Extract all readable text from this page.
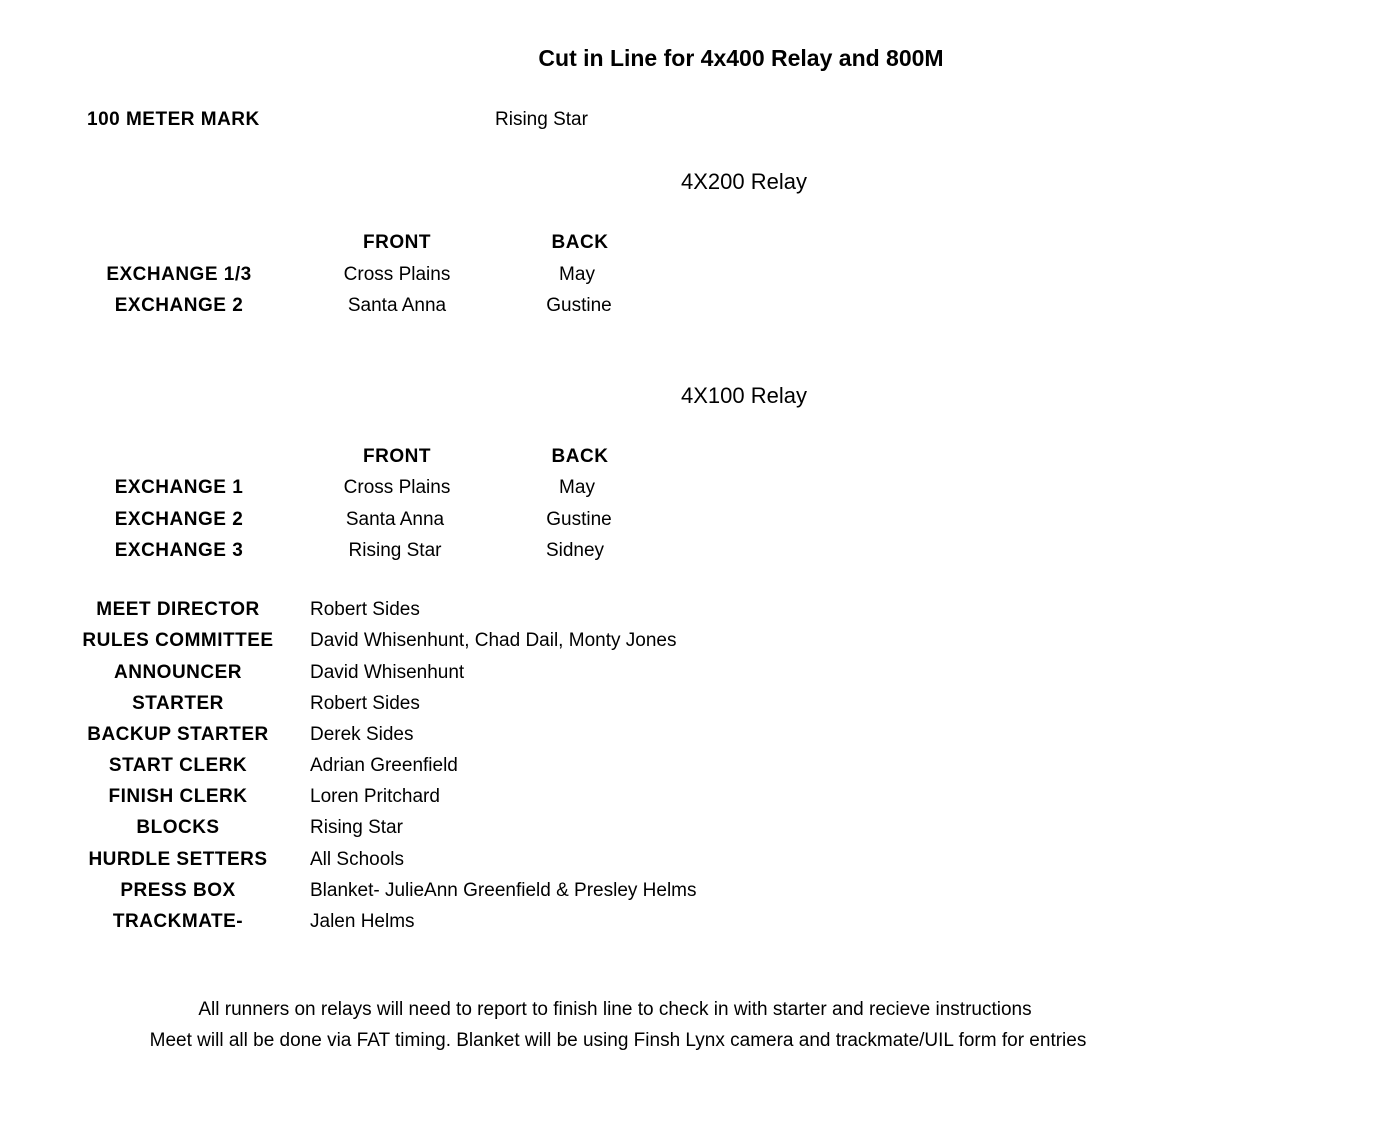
Cut in Line for 4x400 Relay and 800M
100 METER MARK	Rising Star
4X200 Relay
FRONT	BACK
EXCHANGE 1/3	Cross Plains	May
EXCHANGE 2	Santa Anna	Gustine
4X100 Relay
FRONT	BACK
EXCHANGE 1	Cross Plains	May
EXCHANGE 2	Santa Anna	Gustine
EXCHANGE 3	Rising Star	Sidney
MEET DIRECTOR	Robert Sides
RULES COMMITTEE David Whisenhunt, Chad Dail, Monty Jones
ANNOUNCER	David Whisenhunt
STARTER	Robert Sides
BACKUP STARTER Derek Sides
START CLERK	Adrian Greenfield
FINISH CLERK	Loren Pritchard
BLOCKS	Rising Star
HURDLE SETTERS All Schools
PRESS BOX	Blanket- JulieAnn Greenfield & Presley Helms
TRACKMATE-	Jalen Helms
All runners on relays will need to report to finish line to check in with starter and recieve instructions
Meet will all be done via FAT timing. Blanket will be using Finsh Lynx camera and trackmate/UIL form for entries
